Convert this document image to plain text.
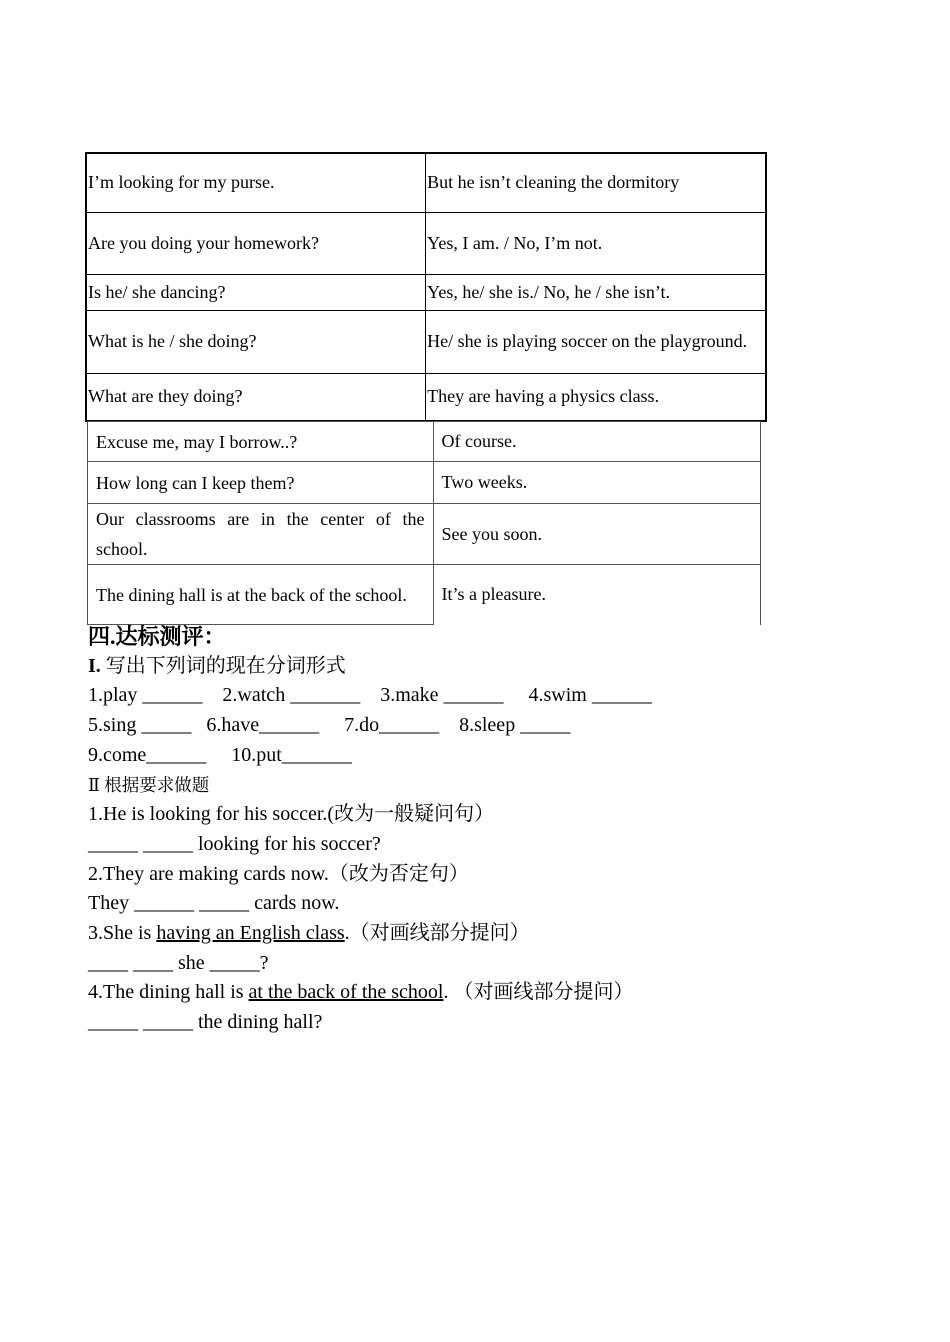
I’m looking for my purse.	But he isn’t cleaning the dormitory
Are you doing your homework?	Yes, I am. / No, I’m not.
Is he/ she dancing?	Yes, he/ she is./ No, he / she isn’t.
What is he / she doing?	He/ she is playing soccer on the playground.
What are they doing?	They are having a physics class.
Excuse me, may I borrow..?	Of course.
How long can I keep them?	Two weeks.
Our classrooms are in the center of the school.	See you soon.
The dining hall is at the back of the school.	It’s a pleasure.
四.达标测评：
I. 写出下列词的现在分词形式
1.play ______    2.watch _______    3.make ______     4.swim ______
5.sing _____   6.have______     7.do______    8.sleep _____
9.come______     10.put_______
Ⅱ 根据要求做题
1.He is looking for his soccer.(改为一般疑问句）
_____ _____ looking for his soccer?
2.They are making cards now.（改为否定句）
They ______ _____ cards now.
3.She is having an English class.（对画线部分提问）
____ ____ she _____?
4.The dining hall is at the back of the school. （对画线部分提问）
_____ _____ the dining hall?
